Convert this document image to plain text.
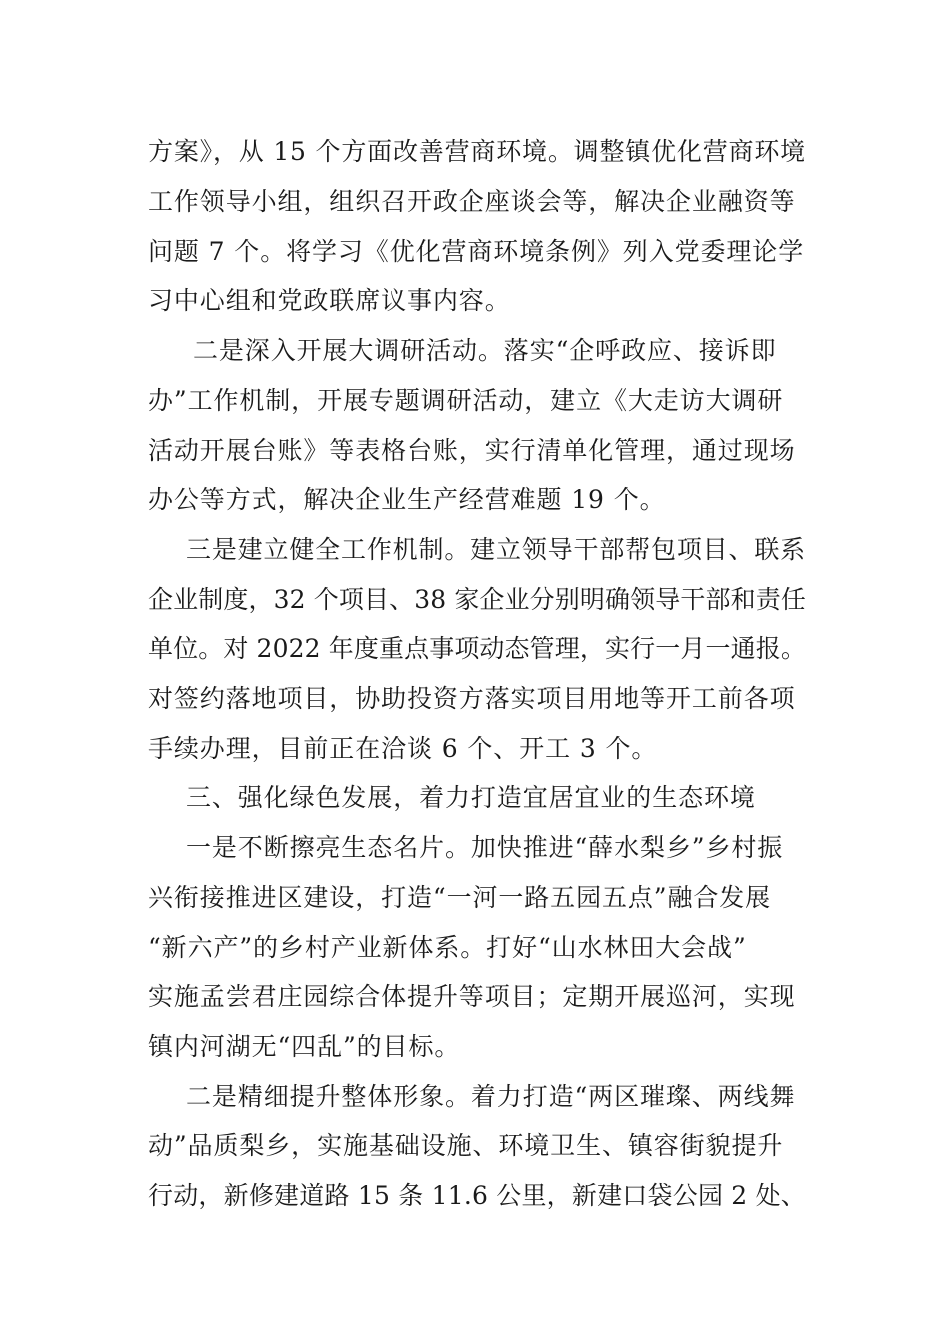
方案》，从 15 个方面改善营商环境。调整镇优化营商环境
工作领导小组，组织召开政企座谈会等，解决企业融资等
问题 7 个。将学习《优化营商环境条例》列入党委理论学
习中心组和党政联席议事内容。
二是深入开展大调研活动。落实“企呼政应、接诉即
办”工作机制，开展专题调研活动，建立《大走访大调研
活动开展台账》等表格台账，实行清单化管理，通过现场
办公等方式，解决企业生产经营难题 19 个。
三是建立健全工作机制。建立领导干部帮包项目、联系
企业制度，32 个项目、38 家企业分别明确领导干部和责任
单位。对 2022 年度重点事项动态管理，实行一月一通报。
对签约落地项目，协助投资方落实项目用地等开工前各项
手续办理，目前正在洽谈 6 个、开工 3 个。
三、强化绿色发展，着力打造宜居宜业的生态环境
一是不断擦亮生态名片。加快推进“薛水梨乡”乡村振
兴衔接推进区建设，打造“一河一路五园五点”融合发展
“新六产”的乡村产业新体系。打好“山水林田大会战”
实施孟尝君庄园综合体提升等项目；定期开展巡河，实现
镇内河湖无“四乱”的目标。
二是精细提升整体形象。着力打造“两区璀璨、两线舞
动”品质梨乡，实施基础设施、环境卫生、镇容街貌提升
行动，新修建道路 15 条 11.6 公里，新建口袋公园 2 处、
